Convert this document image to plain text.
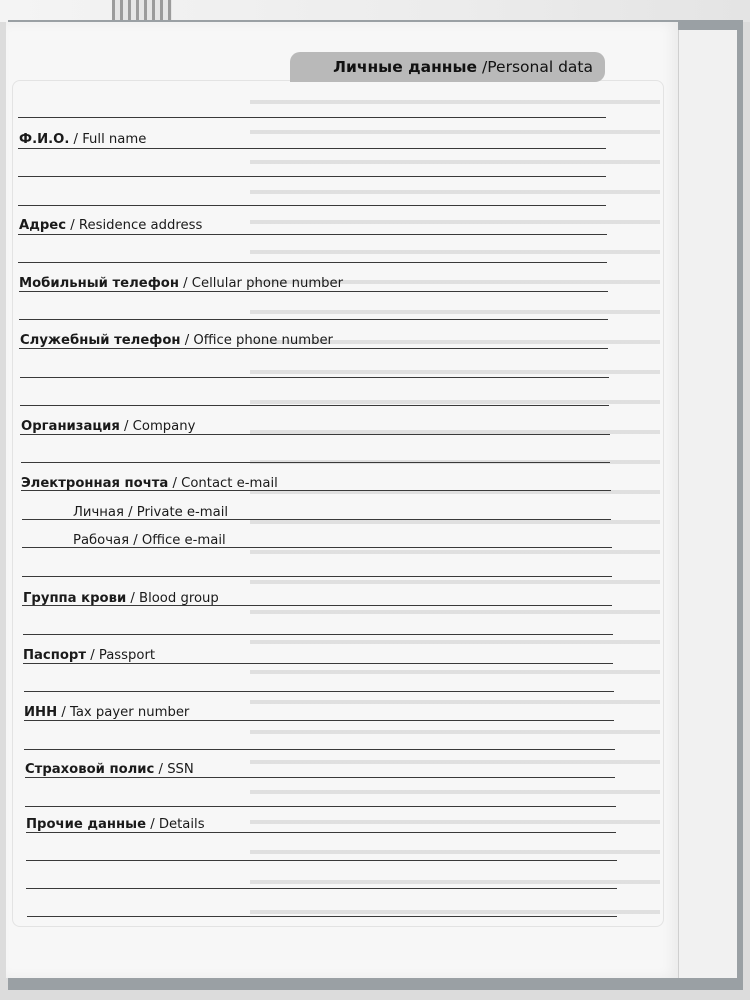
Личные данные / Personal data
Ф.И.О. / Full name
Адрес / Residence address
Мобильный телефон / Cellular phone number
Служебный телефон / Office phone number
Организация / Company
Электронная почта / Contact e-mail
Личная / Private e-mail
Рабочая / Office e-mail
Группа крови / Blood group
Паспорт / Passport
ИНН / Tax payer number
Страховой полис / SSN
Прочие данные / Details
